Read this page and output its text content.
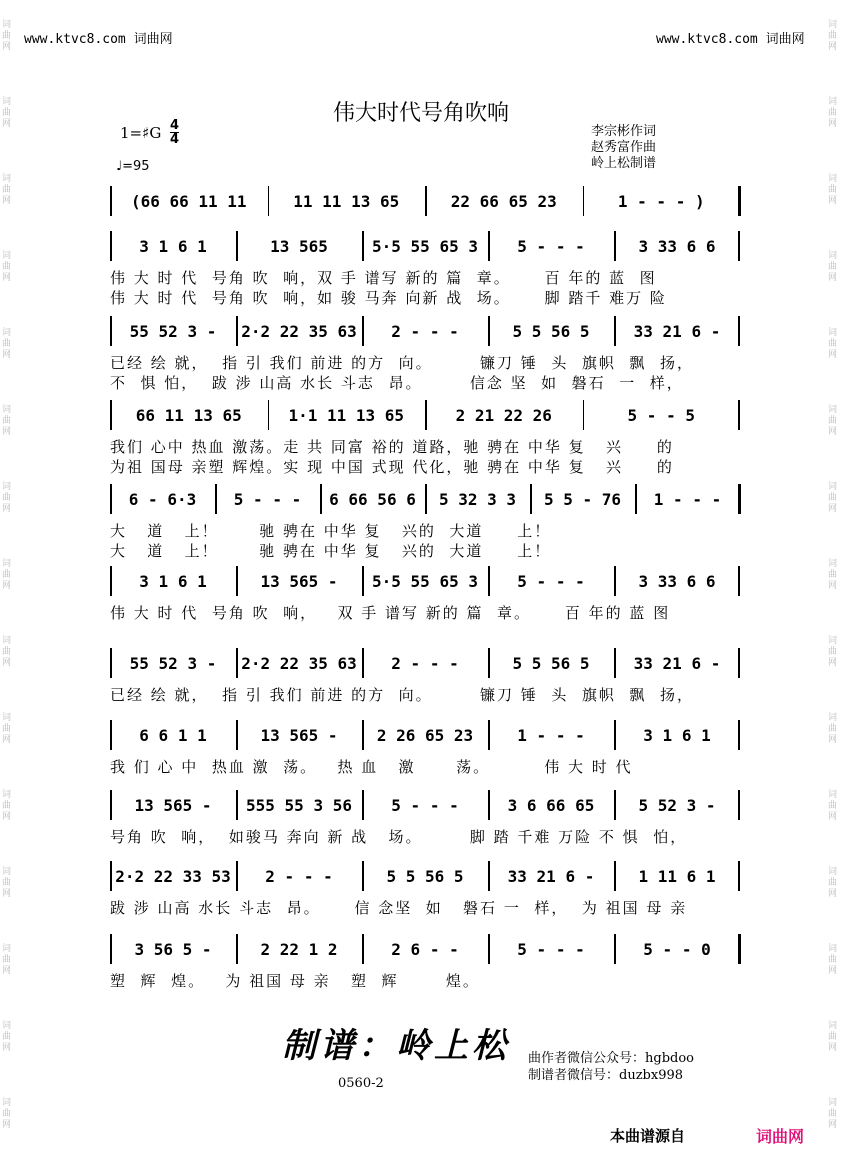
www.ktvc8.com 词曲网	www.ktvc8.com 词曲网
词曲网
词曲网
词曲网
词曲网
词曲网
词曲网
词曲网
词曲网
词曲网
词曲网
词曲网
词曲网
词曲网
词曲网
词曲网
词曲网
词曲网
词曲网
词曲网
词曲网
词曲网
词曲网
词曲网
词曲网
词曲网
词曲网
词曲网
词曲网
词曲网
词曲网
伟大时代号角吹响
1=♯G 4
4
♩=95
李宗彬作词
赵秀富作曲
岭上松制谱
(66 66 11 11	11 11 13 65	22 66 65 23	1 - - - )
3 1 6 1	13 565	5·5 55 65 3	5 - - -	3 33 6 6
伟 大 时 代  号角 吹  响，双 手 谱写 新的 篇  章。     百 年的 蓝  图
伟 大 时 代  号角 吹  响，如 骏 马奔 向新 战  场。     脚 踏千 难万 险
55 52 3 -	2·2 22 35 63	2 - - -	5 5 56 5	33 21 6 -
已经 绘 就，  指 引 我们 前进 的方  向。       镰刀 锤  头  旗帜  飘  扬，
不  惧 怕，  跋 涉 山高 水长 斗志  昂。       信念 坚  如  磐石  一  样，
66 11 13 65	1·1 11 13 65	2 21 22 26	5 - - 5
我们 心中 热血 激荡。走 共 同富 裕的 道路，驰 骋在 中华 复   兴     的
为祖 国母 亲塑 辉煌。实 现 中国 式现 代化，驰 骋在 中华 复   兴     的
6 - 6·3	5 - - -	6 66 56 6	5 32 3 3	5 5 - 76	1 - - -
大   道   上！      驰 骋在 中华 复   兴的  大道     上！
大   道   上！      驰 骋在 中华 复   兴的  大道     上！
3 1 6 1	13 565 -	5·5 55 65 3	5 - - -	3 33 6 6
伟 大 时 代  号角 吹  响，   双 手 谱写 新的 篇  章。     百 年的 蓝 图
55 52 3 -	2·2 22 35 63	2 - - -	5 5 56 5	33 21 6 -
已经 绘 就，  指 引 我们 前进 的方  向。       镰刀 锤  头  旗帜  飘  扬，
6 6 1 1	13 565 -	2 26 65 23	1 - - -	3 1 6 1
我 们 心 中  热血 激  荡。   热 血   激      荡。        伟 大 时 代
13 565 -	555 55 3 56	5 - - -	3 6 66 65	5 52 3 -
号角 吹  响，  如骏马 奔向 新 战   场。       脚 踏 千难 万险 不 惧  怕，
2·2 22 33 53	2 - - -	5 5 56 5	33 21 6 -	1 11 6 1
跋 涉 山高 水长 斗志  昂。     信 念坚  如   磐石 一  样，  为 祖国 母 亲
3 56 5 -	2 22 1 2	2 6 - -	5 - - -	5 - - 0
塑  辉  煌。   为 祖国 母 亲   塑  辉       煌。
制谱：岭上松 曲作者微信公众号：hgbdoo
制谱者微信号：duzbx998
0560-2
本曲谱源自	词曲网
